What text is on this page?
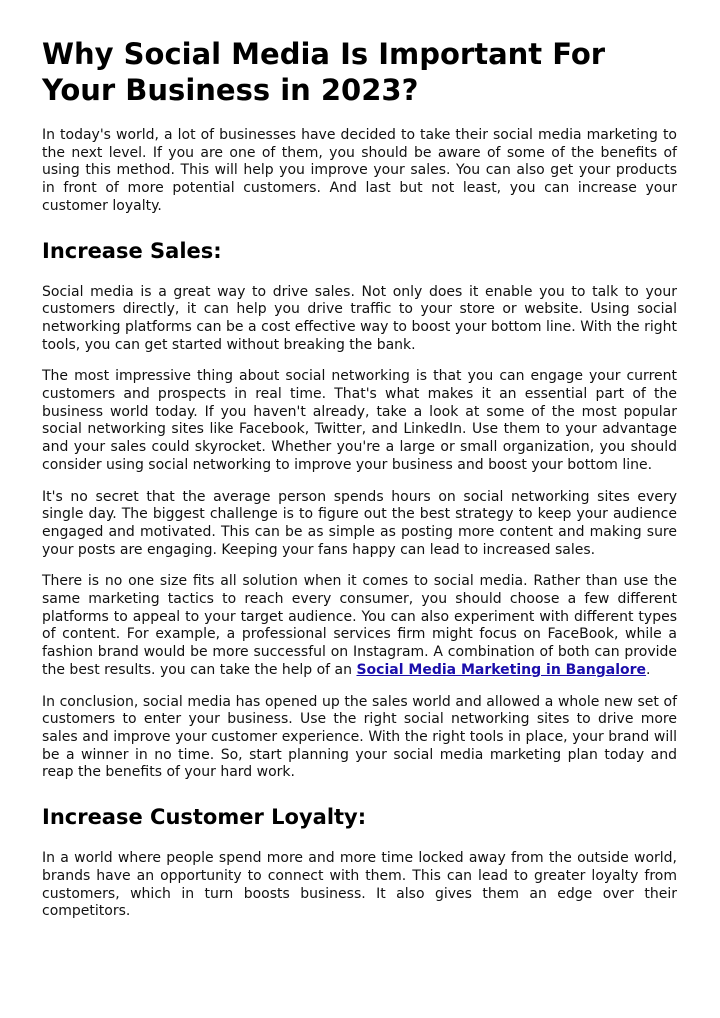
Why Social Media Is Important For Your Business in 2023?

In today's world, a lot of businesses have decided to take their social media marketing to the next level. If you are one of them, you should be aware of some of the benefits of using this method. This will help you improve your sales. You can also get your products in front of more potential customers. And last but not least, you can increase your customer loyalty.

Increase Sales:

Social media is a great way to drive sales. Not only does it enable you to talk to your customers directly, it can help you drive traffic to your store or website. Using social networking platforms can be a cost effective way to boost your bottom line. With the right tools, you can get started without breaking the bank.

The most impressive thing about social networking is that you can engage your current customers and prospects in real time. That's what makes it an essential part of the business world today. If you haven't already, take a look at some of the most popular social networking sites like Facebook, Twitter, and LinkedIn. Use them to your advantage and your sales could skyrocket. Whether you're a large or small organization, you should consider using social networking to improve your business and boost your bottom line.

It's no secret that the average person spends hours on social networking sites every single day. The biggest challenge is to figure out the best strategy to keep your audience engaged and motivated. This can be as simple as posting more content and making sure your posts are engaging. Keeping your fans happy can lead to increased sales.

There is no one size fits all solution when it comes to social media. Rather than use the same marketing tactics to reach every consumer, you should choose a few different platforms to appeal to your target audience. You can also experiment with different types of content. For example, a professional services firm might focus on FaceBook, while a fashion brand would be more successful on Instagram. A combination of both can provide the best results. you can take the help of an Social Media Marketing in Bangalore.

In conclusion, social media has opened up the sales world and allowed a whole new set of customers to enter your business. Use the right social networking sites to drive more sales and improve your customer experience. With the right tools in place, your brand will be a winner in no time. So, start planning your social media marketing plan today and reap the benefits of your hard work.

Increase Customer Loyalty:

In a world where people spend more and more time locked away from the outside world, brands have an opportunity to connect with them. This can lead to greater loyalty from customers, which in turn boosts business. It also gives them an edge over their competitors.
